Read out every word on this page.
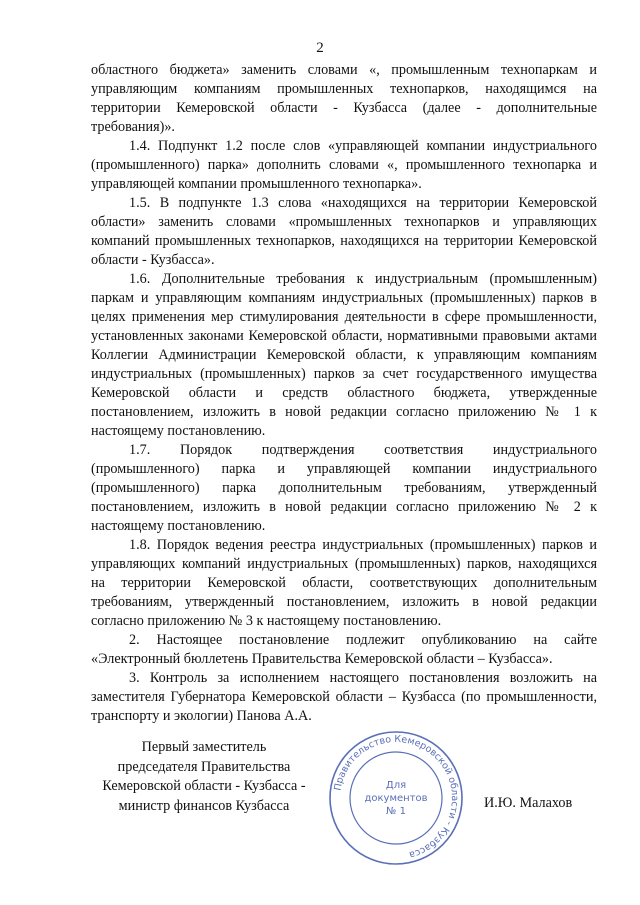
2

областного бюджета» заменить словами «, промышленным технопаркам и управляющим компаниям промышленных технопарков, находящимся на территории Кемеровской области - Кузбасса (далее - дополнительные требования)».

1.4. Подпункт 1.2 после слов «управляющей компании индустриального (промышленного) парка» дополнить словами «, промышленного технопарка и управляющей компании промышленного технопарка».

1.5. В подпункте 1.3 слова «находящихся на территории Кемеровской области» заменить словами «промышленных технопарков и управляющих компаний промышленных технопарков, находящихся на территории Кемеровской области - Кузбасса».

1.6. Дополнительные требования к индустриальным (промышленным) паркам и управляющим компаниям индустриальных (промышленных) парков в целях применения мер стимулирования деятельности в сфере промышленности, установленных законами Кемеровской области, нормативными правовыми актами Коллегии Администрации Кемеровской области, к управляющим компаниям индустриальных (промышленных) парков за счет государственного имущества Кемеровской области и средств областного бюджета, утвержденные постановлением, изложить в новой редакции согласно приложению № 1 к настоящему постановлению.

1.7. Порядок подтверждения соответствия индустриального (промышленного) парка и управляющей компании индустриального (промышленного) парка дополнительным требованиям, утвержденный постановлением, изложить в новой редакции согласно приложению № 2 к настоящему постановлению.

1.8. Порядок ведения реестра индустриальных (промышленных) парков и управляющих компаний индустриальных (промышленных) парков, находящихся на территории Кемеровской области, соответствующих дополнительным требованиям, утвержденный постановлением, изложить в новой редакции согласно приложению № 3 к настоящему постановлению.

2. Настоящее постановление подлежит опубликованию на сайте «Электронный бюллетень Правительства Кемеровской области – Кузбасса».

3. Контроль за исполнением настоящего постановления возложить на заместителя Губернатора Кемеровской области – Кузбасса (по промышленности, транспорту и экологии) Панова А.А.

Первый заместитель
председателя Правительства
Кемеровской области - Кузбасса -
министр финансов Кузбасса
Правительство Кемеровской области - Кузбасса
Для
документов
№ 1
И.Ю. Малахов
